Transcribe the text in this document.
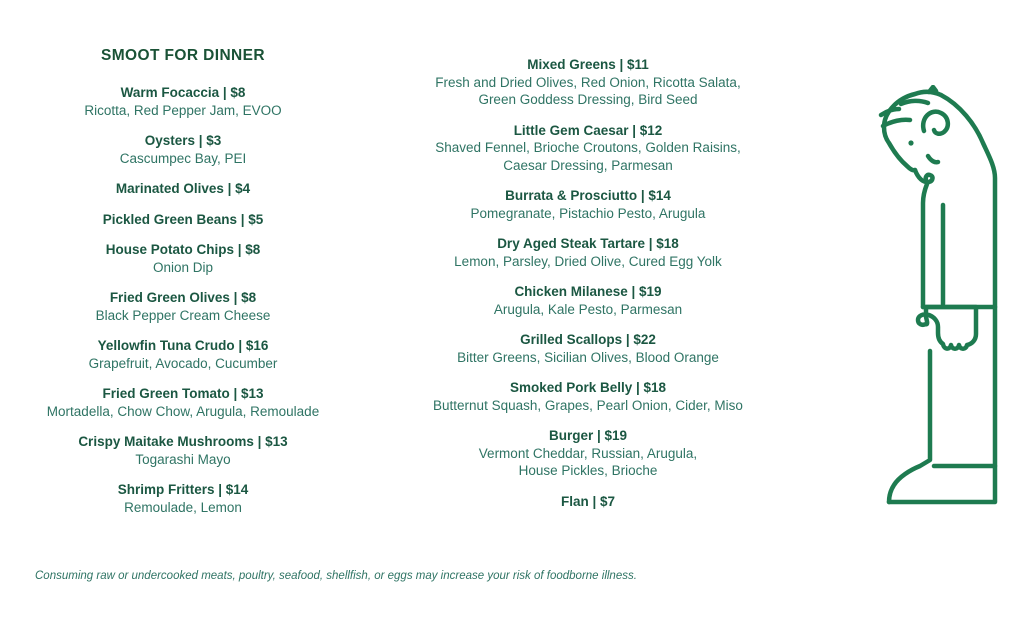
SMOOT FOR DINNER
Warm Focaccia | $8
Ricotta, Red Pepper Jam, EVOO
Oysters | $3
Cascumpec Bay, PEI
Marinated Olives | $4
Pickled Green Beans | $5
House Potato Chips | $8
Onion Dip
Fried Green Olives | $8
Black Pepper Cream Cheese
Yellowfin Tuna Crudo | $16
Grapefruit, Avocado, Cucumber
Fried Green Tomato | $13
Mortadella, Chow Chow, Arugula, Remoulade
Crispy Maitake Mushrooms | $13
Togarashi Mayo
Shrimp Fritters | $14
Remoulade, Lemon
Mixed Greens | $11
Fresh and Dried Olives, Red Onion, Ricotta Salata,
Green Goddess Dressing, Bird Seed
Little Gem Caesar | $12
Shaved Fennel, Brioche Croutons, Golden Raisins,
Caesar Dressing, Parmesan
Burrata & Prosciutto | $14
Pomegranate, Pistachio Pesto, Arugula
Dry Aged Steak Tartare | $18
Lemon, Parsley, Dried Olive, Cured Egg Yolk
Chicken Milanese | $19
Arugula, Kale Pesto, Parmesan
Grilled Scallops | $22
Bitter Greens, Sicilian Olives, Blood Orange
Smoked Pork Belly | $18
Butternut Squash, Grapes, Pearl Onion, Cider, Miso
Burger | $19
Vermont Cheddar, Russian, Arugula,
House Pickles, Brioche
Flan | $7
Consuming raw or undercooked meats, poultry, seafood, shellfish, or eggs may increase your risk of foodborne illness.
